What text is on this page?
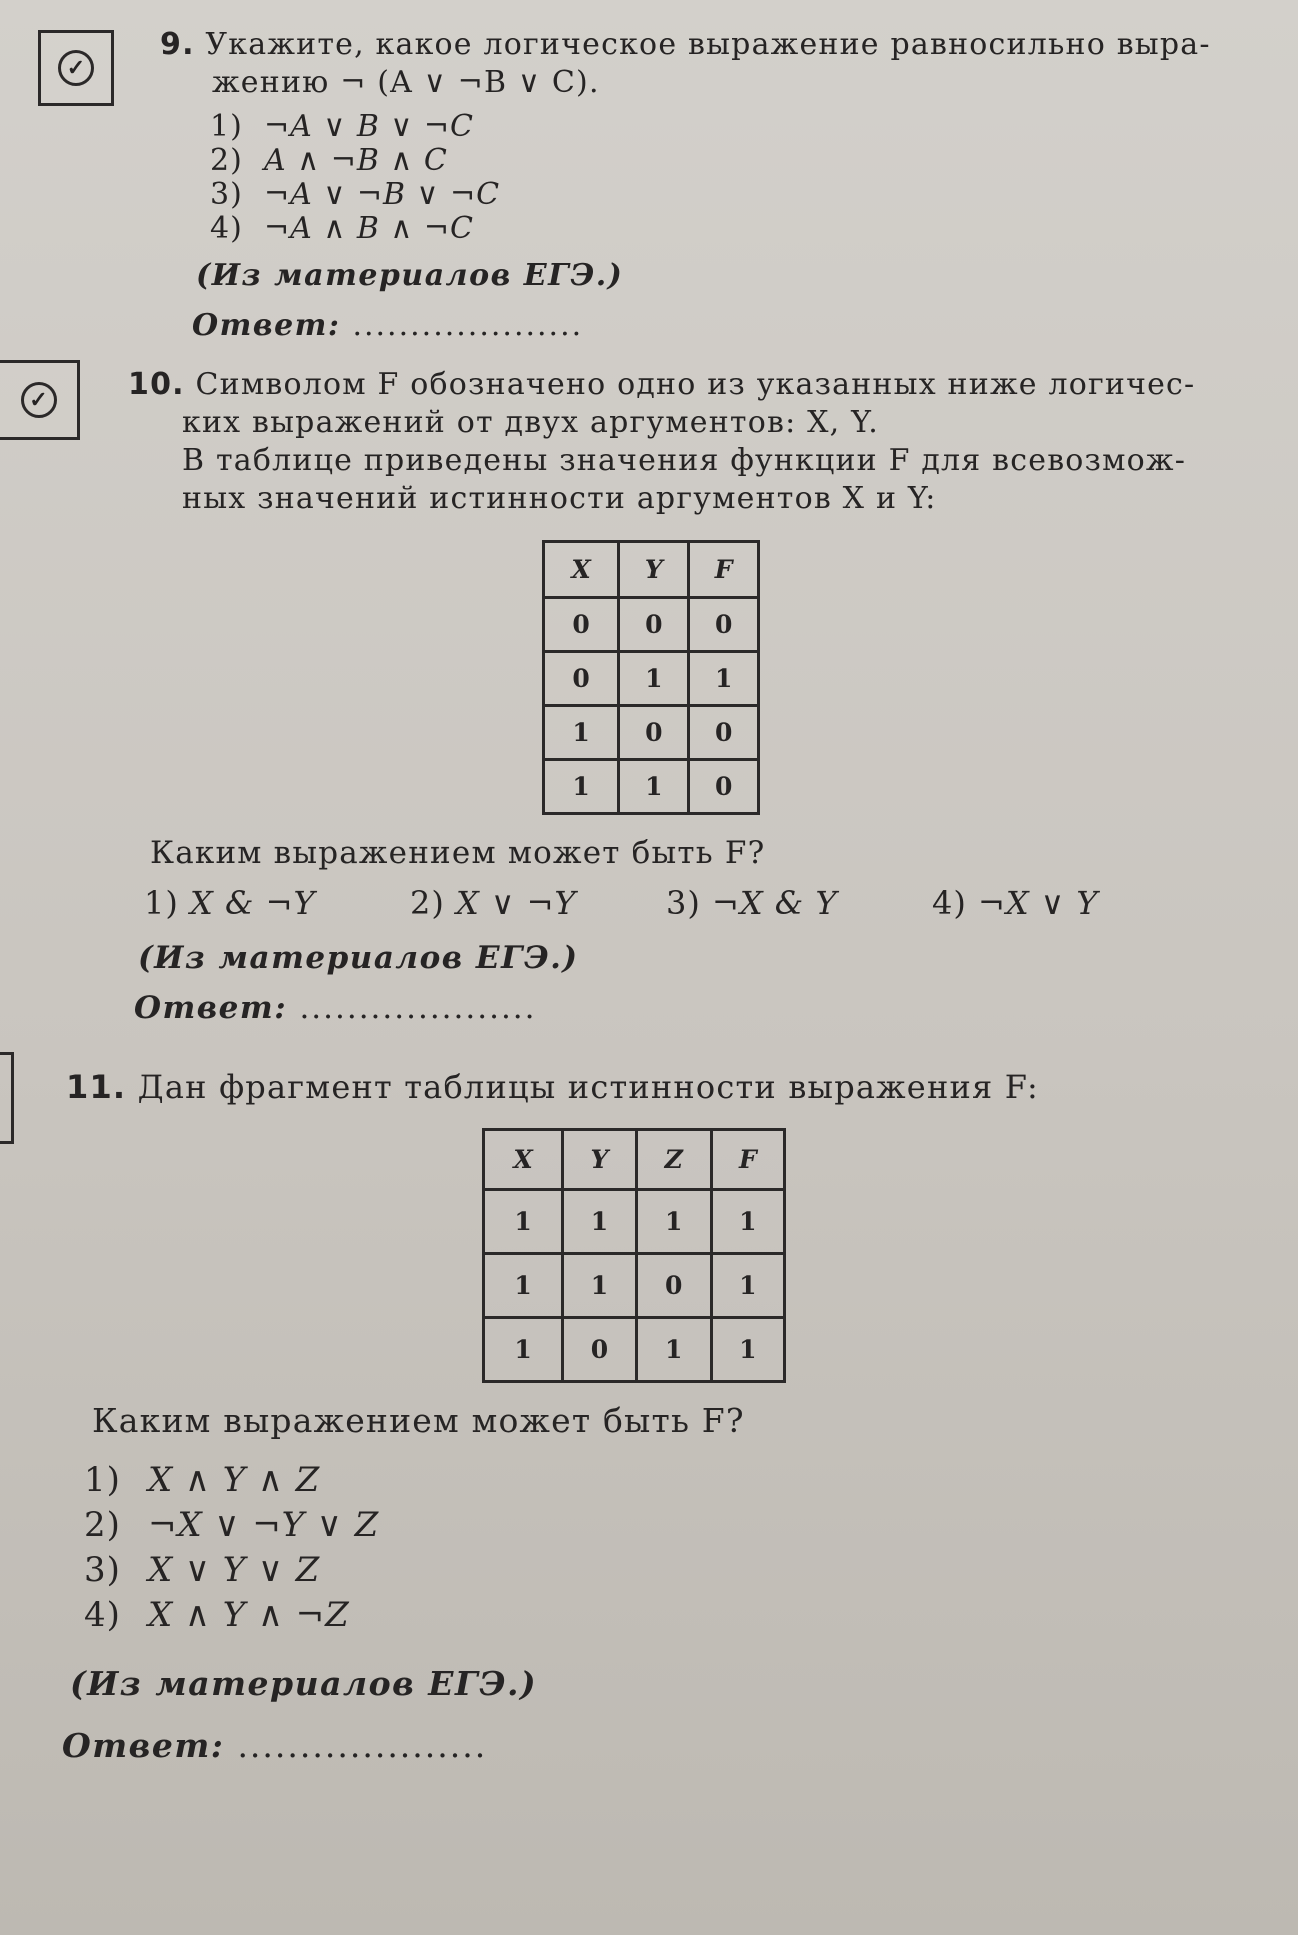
✓
9. Укажите, какое логическое выражение равносильно выра-
жению ¬ (A ∨ ¬B ∨ C).
1) ¬A ∨ B ∨ ¬C
2) A ∧ ¬B ∧ C
3) ¬A ∨ ¬B ∨ ¬C
4) ¬A ∧ B ∧ ¬C
(Из материалов ЕГЭ.)
Ответ: ....................
✓	10. Символом F обозначено одно из указанных ниже логичес-
ких выражений от двух аргументов: X, Y.
В таблице приведены значения функции F для всевозмож-
ных значений истинности аргументов X и Y:
X	Y	F
0	0	0
0	1	1
1	0	0
1	1	0
Каким выражением может быть F?
1) X & ¬Y	2) X ∨ ¬Y	3) ¬X & Y	4) ¬X ∨ Y
(Из материалов ЕГЭ.)
Ответ: ....................
11. Дан фрагмент таблицы истинности выражения F:
X	Y	Z	F
1	1	1	1
1	1	0	1
1	0	1	1
Каким выражением может быть F?
1) X ∧ Y ∧ Z
2) ¬X ∨ ¬Y ∨ Z
3) X ∨ Y ∨ Z
4) X ∧ Y ∧ ¬Z
(Из материалов ЕГЭ.)
Ответ: ....................
